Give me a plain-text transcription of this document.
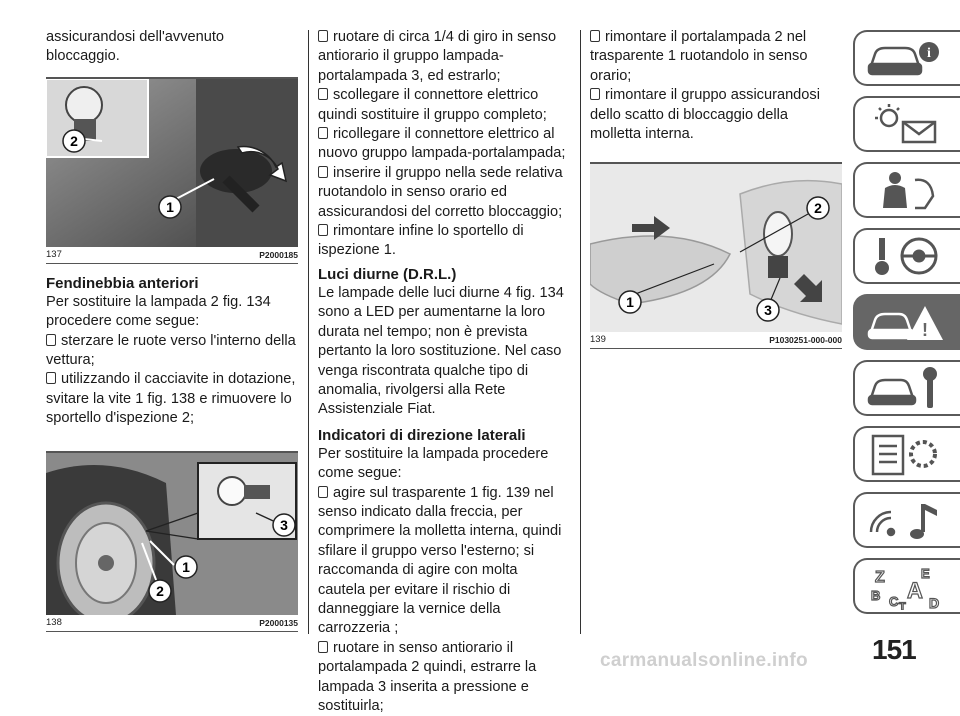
assicurandosi dell'avvenuto bloccaggio.

2
1
137	P2000185
Fendinebbia anteriori

Per sostituire la lampada 2 fig. 134 procedere come segue:

sterzare le ruote verso l'interno della vettura;

utilizzando il cacciavite in dotazione, svitare la vite 1 fig. 138 e rimuovere lo sportello d'ispezione 2;

3
1
2
138	P2000135

ruotare di circa 1/4 di giro in senso antiorario il gruppo lampada-portalampada 3, ed estrarlo;

scollegare il connettore elettrico quindi sostituire il gruppo completo;

ricollegare il connettore elettrico al nuovo gruppo lampada-portalampada;

inserire il gruppo nella sede relativa ruotandolo in senso orario ed assicurandosi del corretto bloccaggio;

rimontare infine lo sportello di ispezione 1.

Luci diurne (D.R.L.)

Le lampade delle luci diurne 4 fig. 134 sono a LED per aumentarne la loro durata nel tempo; non è prevista pertanto la loro sostituzione. Nel caso venga riscontrata qualche tipo di anomalia, rivolgersi alla Rete Assistenziale Fiat.

Indicatori di direzione laterali

Per sostituire la lampada procedere come segue:

agire sul trasparente 1 fig. 139 nel senso indicato dalla freccia, per comprimere la molletta interna, quindi sfilare il gruppo verso l'esterno; si raccomanda di agire con molta cautela per evitare il rischio di danneggiare la vernice della carrozzeria ;

ruotare in senso antiorario il portalampada 2 quindi, estrarre la lampada 3 inserita a pressione e sostituirla;

rimontare il portalampada 2 nel trasparente 1 ruotandolo in senso orario;

rimontare il gruppo assicurandosi dello scatto di bloccaggio della molletta interna.

2
1	3
139	P1030251-000-000
i
!
Z	E
B A
C T D
151
carmanualsonline.info
